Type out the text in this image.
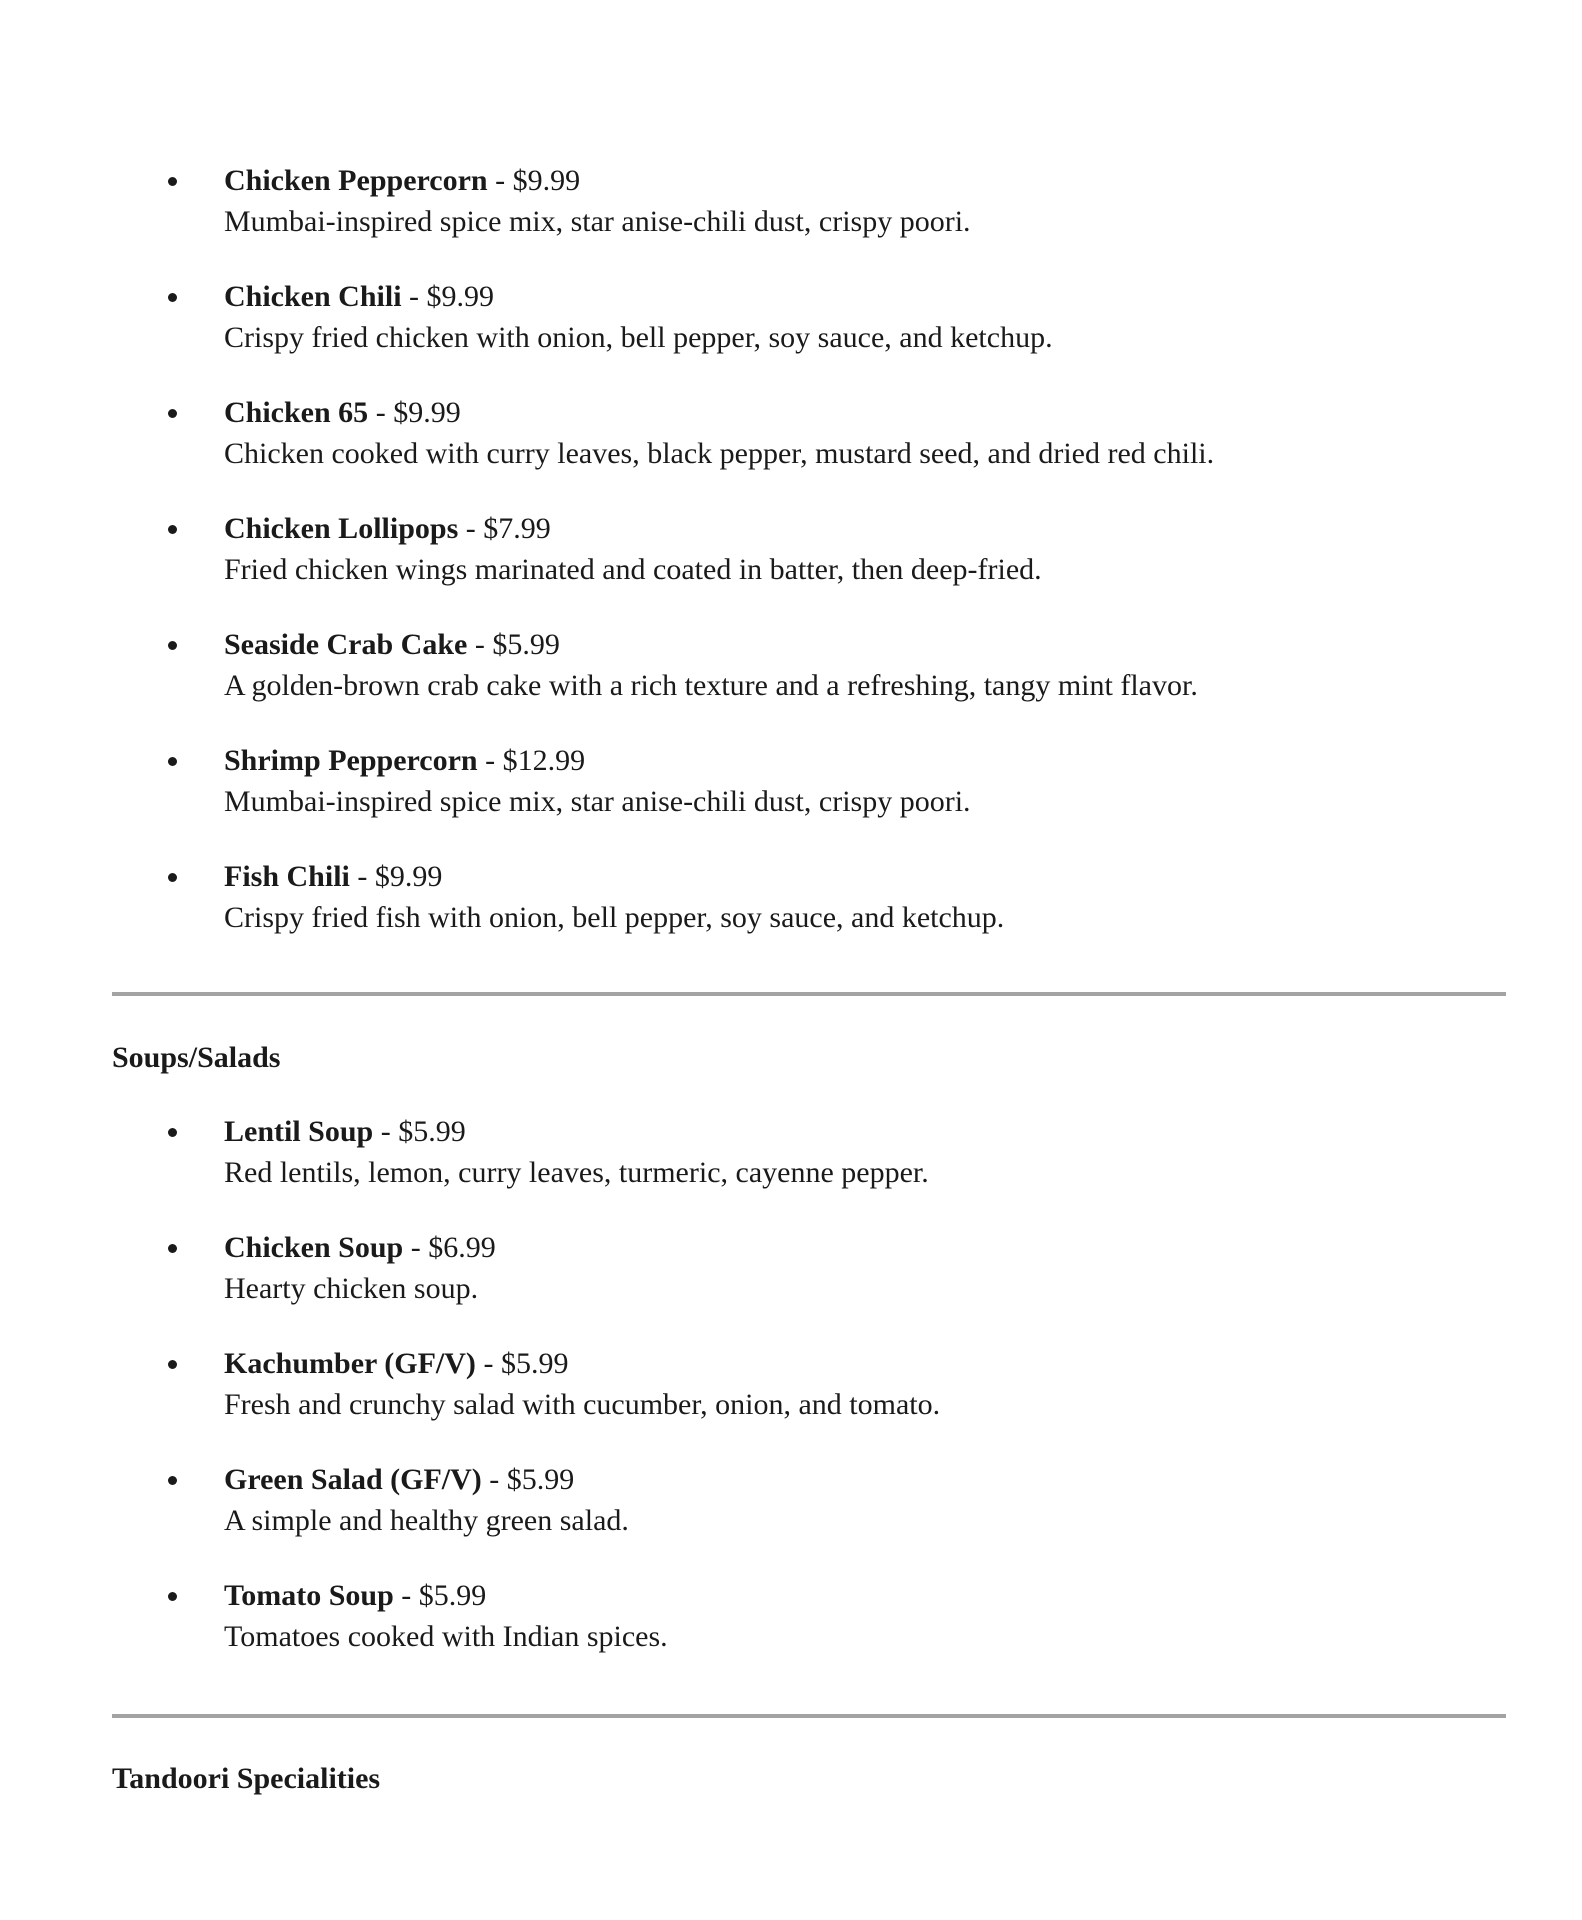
Chicken Peppercorn - $9.99
Mumbai-inspired spice mix, star anise-chili dust, crispy poori.
Chicken Chili - $9.99
Crispy fried chicken with onion, bell pepper, soy sauce, and ketchup.
Chicken 65 - $9.99
Chicken cooked with curry leaves, black pepper, mustard seed, and dried red chili.
Chicken Lollipops - $7.99
Fried chicken wings marinated and coated in batter, then deep-fried.
Seaside Crab Cake - $5.99
A golden-brown crab cake with a rich texture and a refreshing, tangy mint flavor.
Shrimp Peppercorn - $12.99
Mumbai-inspired spice mix, star anise-chili dust, crispy poori.
Fish Chili - $9.99
Crispy fried fish with onion, bell pepper, soy sauce, and ketchup.
Soups/Salads
Lentil Soup - $5.99
Red lentils, lemon, curry leaves, turmeric, cayenne pepper.
Chicken Soup - $6.99
Hearty chicken soup.
Kachumber (GF/V) - $5.99
Fresh and crunchy salad with cucumber, onion, and tomato.
Green Salad (GF/V) - $5.99
A simple and healthy green salad.
Tomato Soup - $5.99
Tomatoes cooked with Indian spices.
Tandoori Specialities
